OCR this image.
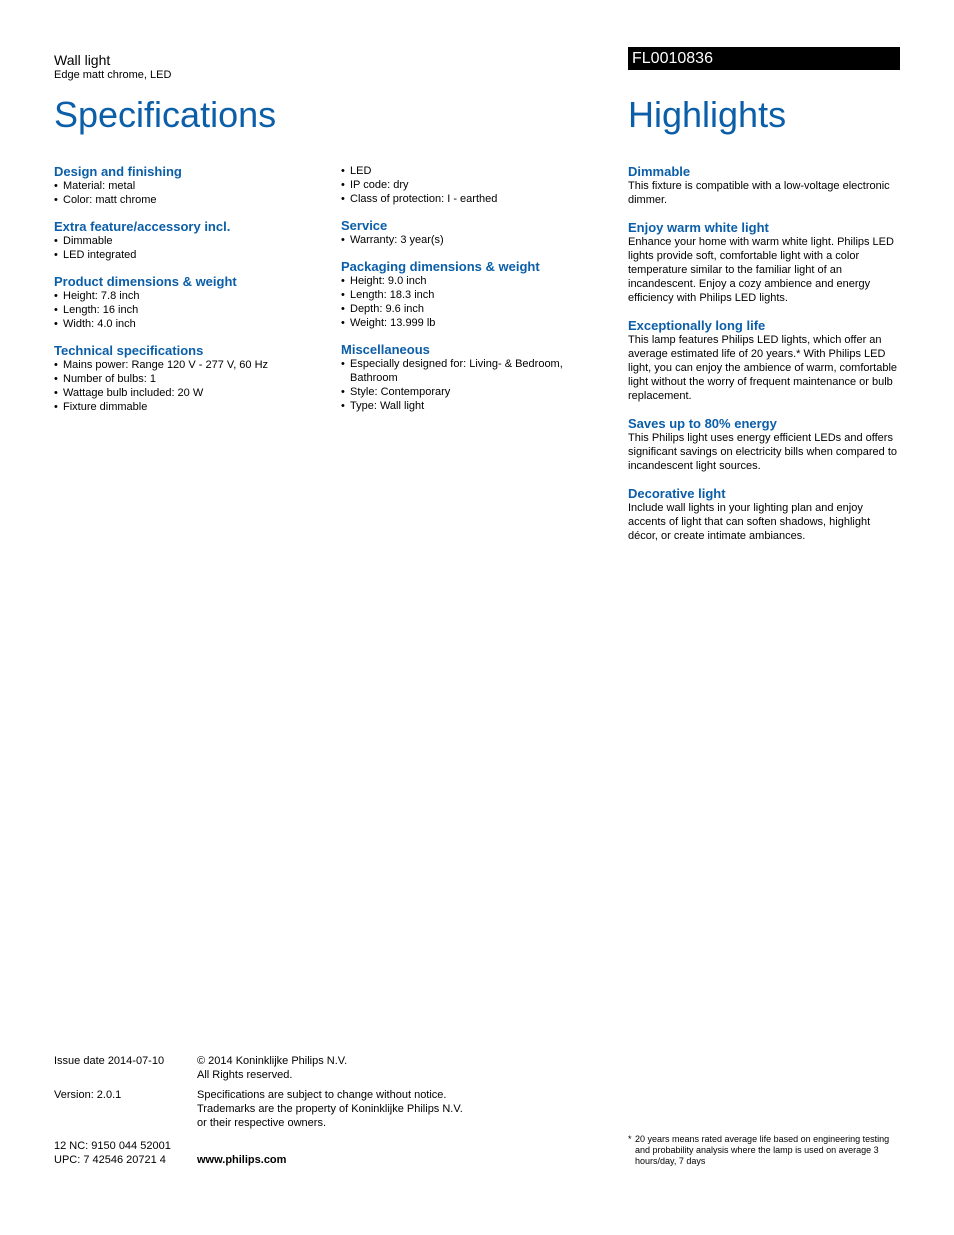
Wall light
Edge matt chrome, LED
FL0010836
Specifications	Highlights
Design and finishing
• Material: metal
• Color: matt chrome
Extra feature/accessory incl.
• Dimmable
• LED integrated
Product dimensions & weight
• Height: 7.8 inch
• Length: 16 inch
• Width: 4.0 inch
Technical specifications
• Mains power: Range 120 V - 277 V, 60 Hz
• Number of bulbs: 1
• Wattage bulb included: 20 W
• Fixture dimmable
• LED
• IP code: dry
• Class of protection: I - earthed
Service
• Warranty: 3 year(s)
Packaging dimensions & weight
• Height: 9.0 inch
• Length: 18.3 inch
• Depth: 9.6 inch
• Weight: 13.999 lb
Miscellaneous
• Especially designed for: Living- & Bedroom, Bathroom
• Style: Contemporary
• Type: Wall light
Dimmable
This fixture is compatible with a low-voltage electronic dimmer.
Enjoy warm white light
Enhance your home with warm white light. Philips LED lights provide soft, comfortable light with a color temperature similar to the familiar light of an incandescent. Enjoy a cozy ambience and energy efficiency with Philips LED lights.
Exceptionally long life
This lamp features Philips LED lights, which offer an average estimated life of 20 years.* With Philips LED light, you can enjoy the ambience of warm, comfortable light without the worry of frequent maintenance or bulb replacement.
Saves up to 80% energy
This Philips light uses energy efficient LEDs and offers significant savings on electricity bills when compared to incandescent light sources.
Decorative light
Include wall lights in your lighting plan and enjoy accents of light that can soften shadows, highlight décor, or create intimate ambiances.
Issue date 2014-07-10
Version: 2.0.1
12 NC: 9150 044 52001
UPC: 7 42546 20721 4
© 2014 Koninklijke Philips N.V.
All Rights reserved.
Specifications are subject to change without notice.
Trademarks are the property of Koninklijke Philips N.V.
or their respective owners.
www.philips.com
* 20 years means rated average life based on engineering testing and probability analysis where the lamp is used on average 3 hours/day, 7 days
